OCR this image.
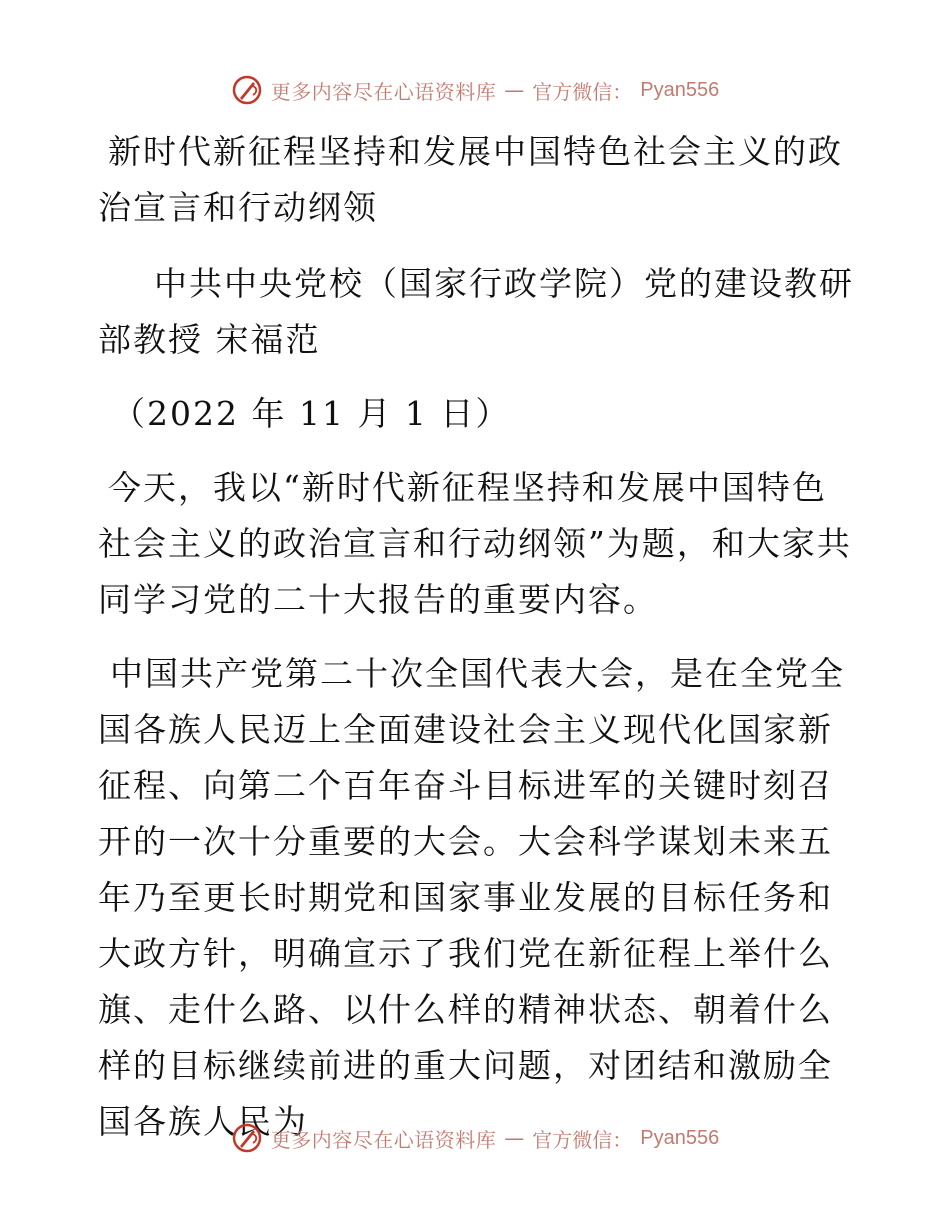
更多内容尽在心语资料库 — 官方微信： Pyan556

新时代新征程坚持和发展中国特色社会主义的政治宣言和行动纲领

中共中央党校（国家行政学院）党的建设教研部教授 宋福范

（2022 年 11 月 1 日）

今天，我以“新时代新征程坚持和发展中国特色社会主义的政治宣言和行动纲领”为题，和大家共同学习党的二十大报告的重要内容。

中国共产党第二十次全国代表大会，是在全党全国各族人民迈上全面建设社会主义现代化国家新征程、向第二个百年奋斗目标进军的关键时刻召开的一次十分重要的大会。大会科学谋划未来五年乃至更长时期党和国家事业发展的目标任务和大政方针，明确宣示了我们党在新征程上举什么旗、走什么路、以什么样的精神状态、朝着什么样的目标继续前进的重大问题，对团结和激励全国各族人民为

更多内容尽在心语资料库 — 官方微信： Pyan556
